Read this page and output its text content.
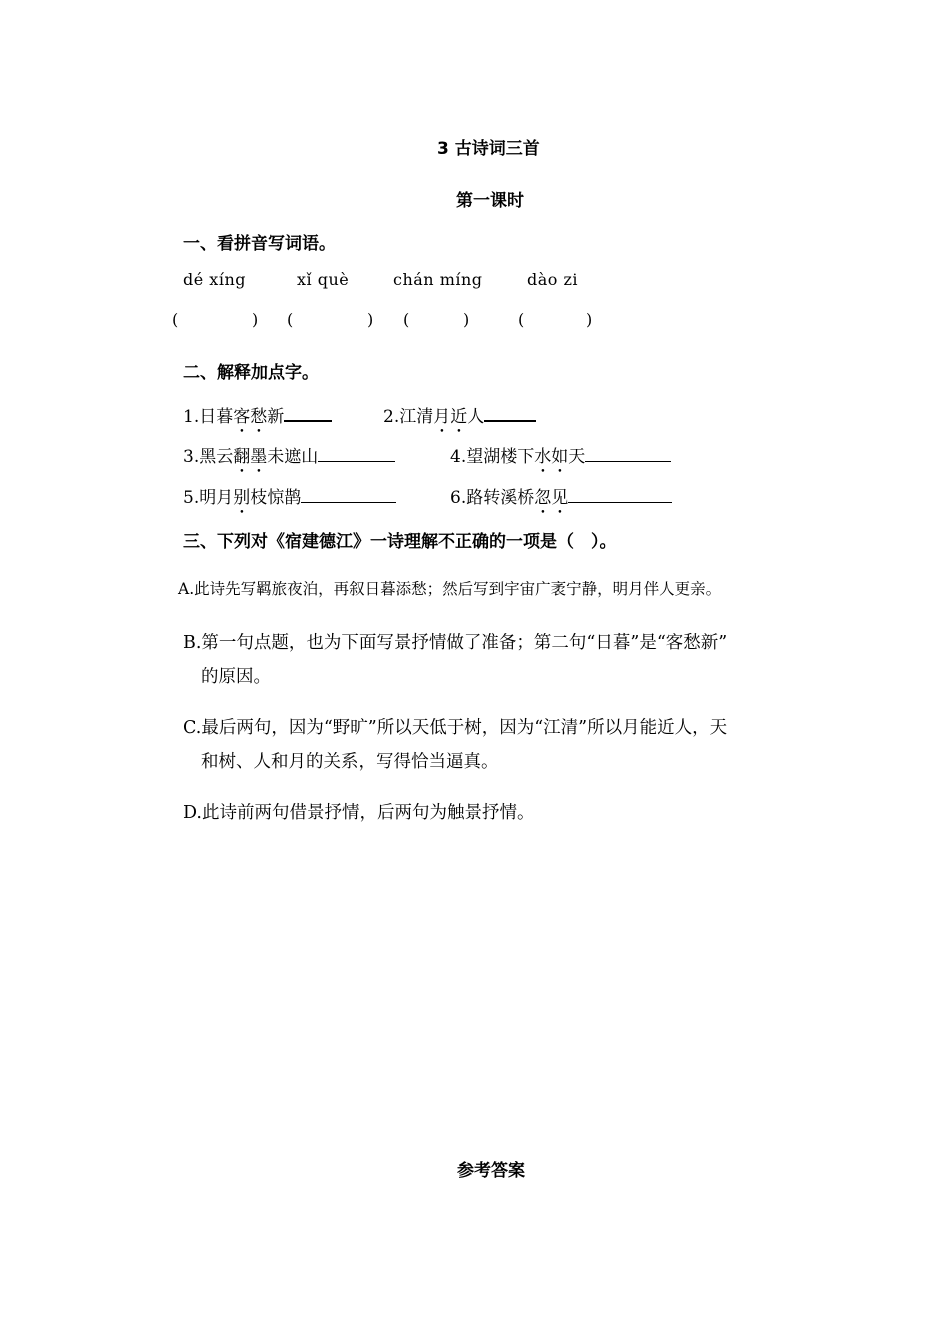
3 古诗词三首
第一课时
一、看拼音写词语。
dé xíng	xǐ què	chán míng	dào zi
(	) (	) (	)	(	)
二、解释加点字。
1.日暮客愁新	2.江清月近人
3.黑云翻墨未遮山	4.望湖楼下水如天
5.明月别枝惊鹊	6.路转溪桥忽见
三、下列对《宿建德江》一诗理解不正确的一项是（　）。
A.此诗先写羁旅夜泊，再叙日暮添愁；然后写到宇宙广袤宁静，明月伴人更亲。
B.第一句点题，也为下面写景抒情做了准备；第二句“日暮”是“客愁新”
的原因。
C.最后两句，因为“野旷”所以天低于树，因为“江清”所以月能近人，天
和树、人和月的关系，写得恰当逼真。
D.此诗前两句借景抒情，后两句为触景抒情。
参考答案
